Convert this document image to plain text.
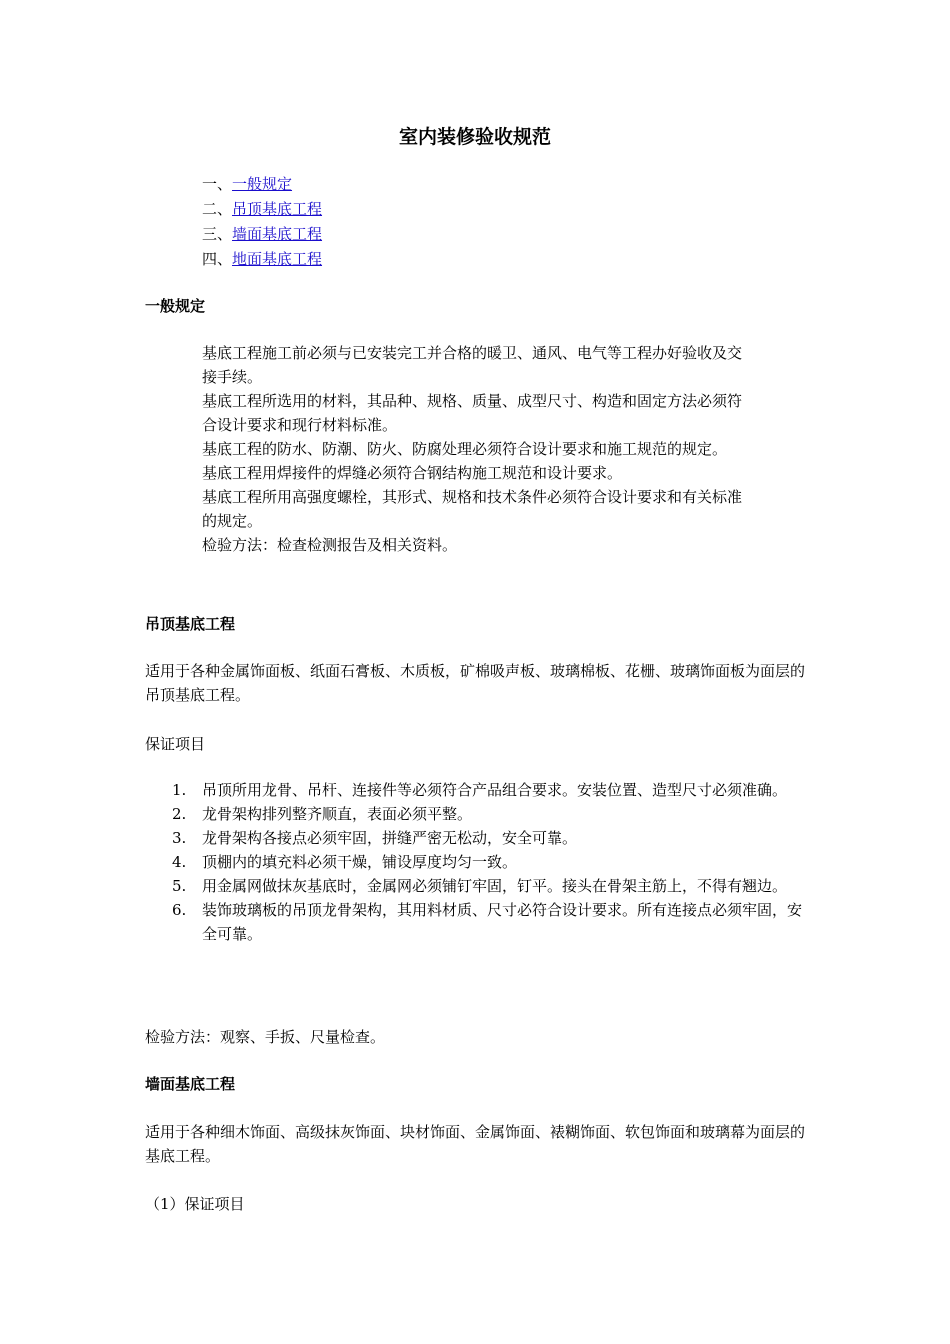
室内装修验收规范
一、一般规定
二、吊顶基底工程
三、墙面基底工程
四、地面基底工程
一般规定

基底工程施工前必须与已安装完工并合格的暖卫、通风、电气等工程办好验收及交接手续。

基底工程所选用的材料，其品种、规格、质量、成型尺寸、构造和固定方法必须符合设计要求和现行材料标准。

基底工程的防水、防潮、防火、防腐处理必须符合设计要求和施工规范的规定。

基底工程用焊接件的焊缝必须符合钢结构施工规范和设计要求。

基底工程所用高强度螺栓，其形式、规格和技术条件必须符合设计要求和有关标准的规定。

检验方法：检查检测报告及相关资料。

吊顶基底工程

适用于各种金属饰面板、纸面石膏板、木质板，矿棉吸声板、玻璃棉板、花栅、玻璃饰面板为面层的吊顶基底工程。

保证项目

1. 吊顶所用龙骨、吊杆、连接件等必须符合产品组合要求。安装位置、造型尺寸必须准确。
2. 龙骨架构排列整齐顺直，表面必须平整。
3. 龙骨架构各接点必须牢固，拼缝严密无松动，安全可靠。
4. 顶棚内的填充料必须干燥，铺设厚度均匀一致。
5. 用金属网做抹灰基底时，金属网必须铺钉牢固，钉平。接头在骨架主筋上，不得有翘边。
6. 装饰玻璃板的吊顶龙骨架构，其用料材质、尺寸必符合设计要求。所有连接点必须牢固，安全可靠。

检验方法：观察、手扳、尺量检查。

墙面基底工程

适用于各种细木饰面、高级抹灰饰面、块材饰面、金属饰面、裱糊饰面、软包饰面和玻璃幕为面层的基底工程。

（1）保证项目
